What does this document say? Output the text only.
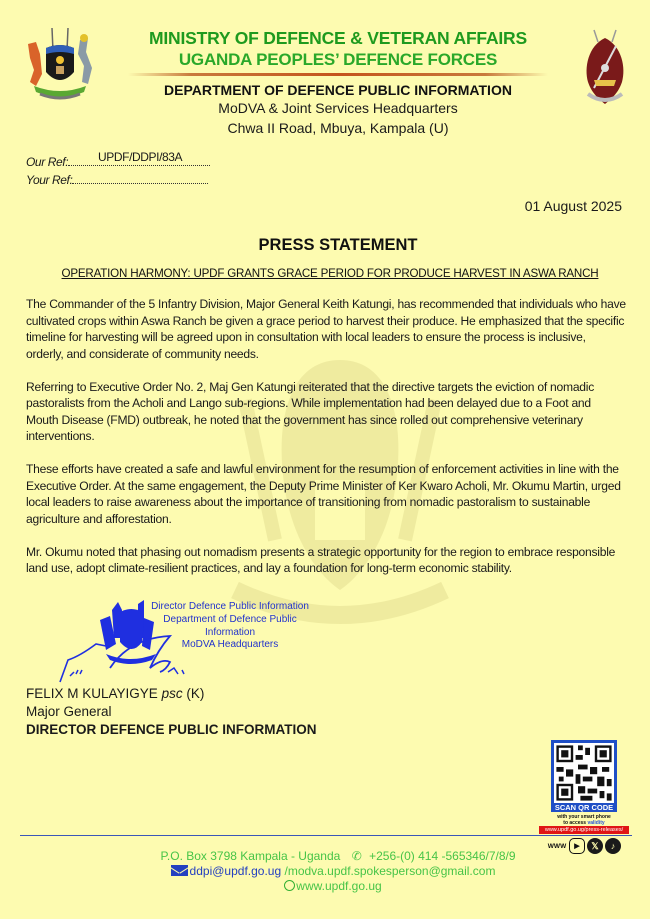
MINISTRY OF DEFENCE & VETERAN AFFAIRS
UGANDA PEOPLES’ DEFENCE FORCES
DEPARTMENT OF DEFENCE PUBLIC INFORMATION
MoDVA & Joint Services Headquarters
Chwa II Road, Mbuya, Kampala (U)
Our Ref:	UPDF/DDPI/83A
Your Ref:
01 August 2025
PRESS STATEMENT
OPERATION HARMONY: UPDF GRANTS GRACE PERIOD FOR PRODUCE HARVEST IN ASWA RANCH

The Commander of the 5 Infantry Division, Major General Keith Katungi, has recommended that individuals who have cultivated crops within Aswa Ranch be given a grace period to harvest their produce. He emphasized that the specific timeline for harvesting will be agreed upon in consultation with local leaders to ensure the process is inclusive, orderly, and considerate of community needs.

Referring to Executive Order No. 2, Maj Gen Katungi reiterated that the directive targets the eviction of nomadic pastoralists from the Acholi and Lango sub-regions. While implementation had been delayed due to a Foot and Mouth Disease (FMD) outbreak, he noted that the government has since rolled out comprehensive veterinary interventions.

These efforts have created a safe and lawful environment for the resumption of enforcement activities in line with the Executive Order. At the same engagement, the Deputy Prime Minister of Ker Kwaro Acholi, Mr. Okumu Martin, urged local leaders to raise awareness about the importance of transitioning from nomadic pastoralism to sustainable agriculture and afforestation.

Mr. Okumu noted that phasing out nomadism presents a strategic opportunity for the region to embrace responsible land use, adopt climate-resilient practices, and lay a foundation for long-term economic stability.

Director Defence Public Information
Department of Defence Public
Information
MoDVA Headquarters
FELIX M KULAYIGYE psc (K)
Major General
DIRECTOR DEFENCE PUBLIC INFORMATION
SCAN QR CODE
with your smart phone
to access validity
www.updf.go.ug/press-releases/
WWW	▶	𝕏	♪
P.O. Box 3798 Kampala - Uganda ✆ +256-(0) 414 -565346/7/8/9
ddpi@updf.go.ug /modva.updf.spokesperson@gmail.com
www.updf.go.ug
